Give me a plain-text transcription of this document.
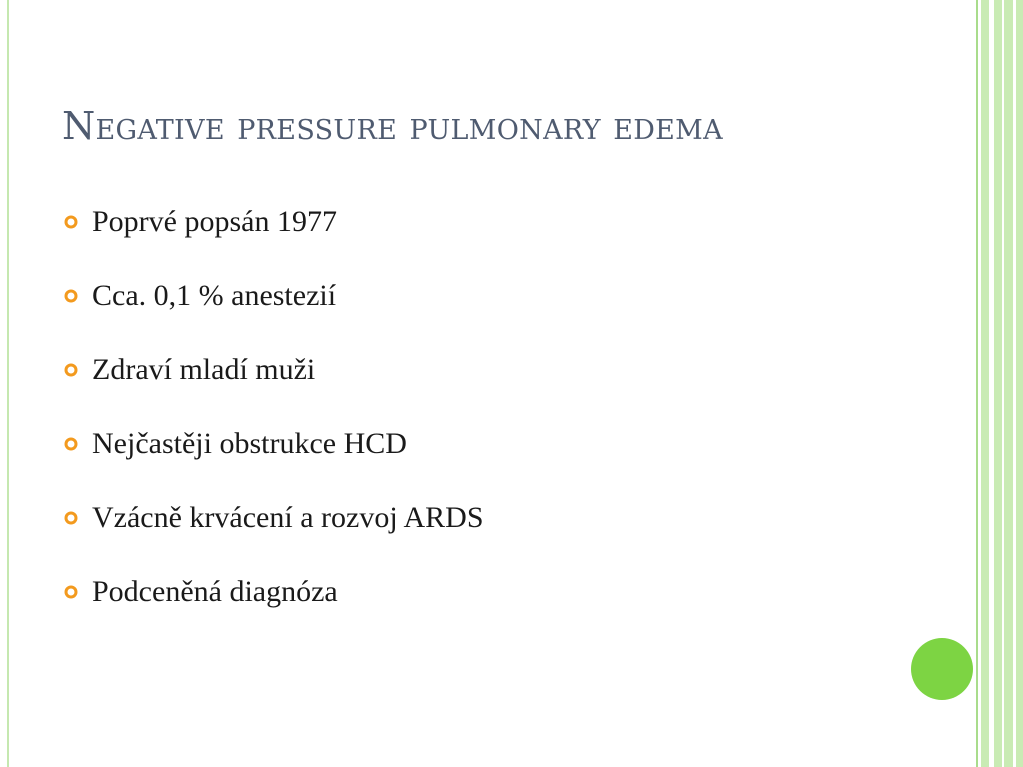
Negative pressure pulmonary edema
Poprvé popsán 1977
Cca. 0,1 % anestezií
Zdraví mladí muži
Nejčastěji obstrukce HCD
Vzácně krvácení a rozvoj ARDS
Podceněná diagnóza
